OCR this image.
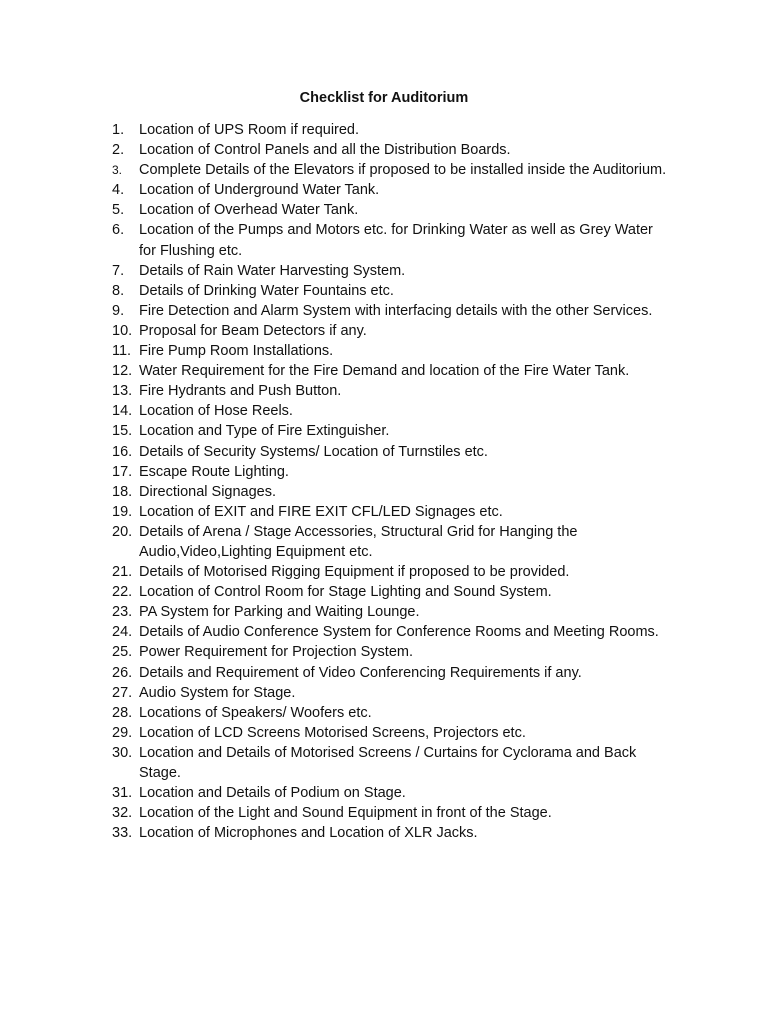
Checklist for Auditorium
1.	Location of UPS Room if required.
2.	Location of Control Panels and all the Distribution Boards.
3.	Complete Details of the Elevators if proposed to be installed inside the Auditorium.
4.	Location of Underground Water Tank.
5.	Location of Overhead Water Tank.
6.	Location of the Pumps and Motors etc. for Drinking Water as well as Grey Water for Flushing etc.
7.	Details of Rain Water Harvesting System.
8.	Details of Drinking Water Fountains etc.
9.	Fire Detection and Alarm System with interfacing details with the other Services.
10. Proposal for Beam Detectors if any.
11. Fire Pump Room Installations.
12. Water Requirement for the Fire Demand and location of the Fire Water Tank.
13. Fire Hydrants and Push Button.
14. Location of Hose Reels.
15. Location and Type of Fire Extinguisher.
16. Details of Security Systems/ Location of Turnstiles etc.
17. Escape Route Lighting.
18. Directional Signages.
19. Location of EXIT and FIRE EXIT CFL/LED Signages etc.
20. Details of Arena / Stage Accessories, Structural Grid for Hanging the Audio,Video,Lighting Equipment etc.
21. Details of Motorised Rigging Equipment if proposed to be provided.
22. Location of Control Room for Stage Lighting and Sound System.
23. PA System for Parking and Waiting Lounge.
24. Details of Audio Conference System for Conference Rooms and Meeting Rooms.
25. Power Requirement for Projection System.
26. Details and Requirement of Video Conferencing Requirements if any.
27. Audio System for Stage.
28. Locations of Speakers/ Woofers etc.
29. Location of LCD Screens Motorised Screens, Projectors etc.
30. Location and Details of Motorised Screens / Curtains for Cyclorama and Back Stage.
31. Location and Details of Podium on Stage.
32. Location of the Light and Sound Equipment in front of the Stage.
33. Location of Microphones and Location of XLR Jacks.
